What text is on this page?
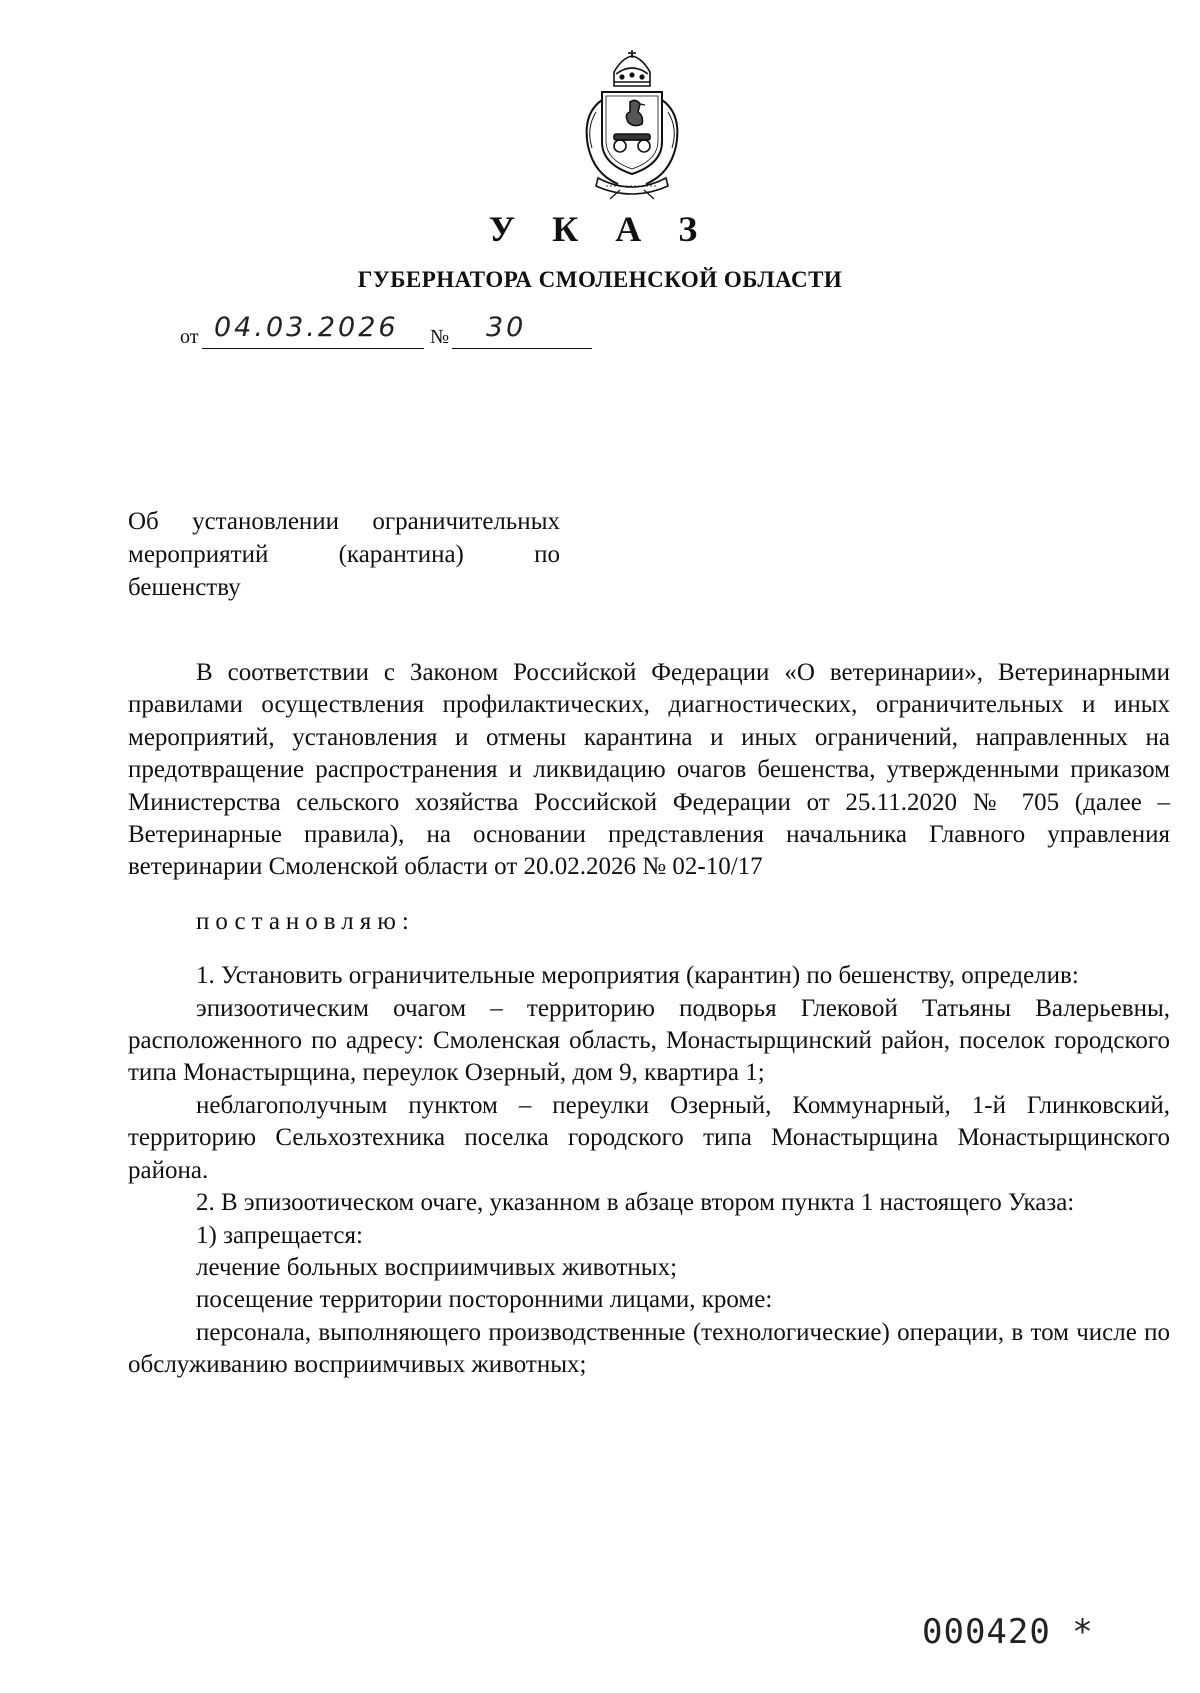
У К А З
ГУБЕРНАТОРА СМОЛЕНСКОЙ ОБЛАСТИ
от 04.03.2026 № 30
Об установлении ограничительных
мероприятий (карантина) по
бешенству

В соответствии с Законом Российской Федерации «О ветеринарии», Ветеринарными правилами осуществления профилактических, диагностических, ограничительных и иных мероприятий, установления и отмены карантина и иных ограничений, направленных на предотвращение распространения и ликвидацию очагов бешенства, утвержденными приказом Министерства сельского хозяйства Российской Федерации от 25.11.2020 № 705 (далее – Ветеринарные правила), на основании представления начальника Главного управления ветеринарии Смоленской области от 20.02.2026 № 02-10/17

постановляю:

1. Установить ограничительные мероприятия (карантин) по бешенству, определив:

эпизоотическим очагом – территорию подворья Глековой Татьяны Валерьевны, расположенного по адресу: Смоленская область, Монастырщинский район, поселок городского типа Монастырщина, переулок Озерный, дом 9, квартира 1;

неблагополучным пунктом – переулки Озерный, Коммунарный, 1-й Глинковский, территорию Сельхозтехника поселка городского типа Монастырщина Монастырщинского района.

2. В эпизоотическом очаге, указанном в абзаце втором пункта 1 настоящего Указа:

1) запрещается:

лечение больных восприимчивых животных;

посещение территории посторонними лицами, кроме:

персонала, выполняющего производственные (технологические) операции, в том числе по обслуживанию восприимчивых животных;

000420 *
